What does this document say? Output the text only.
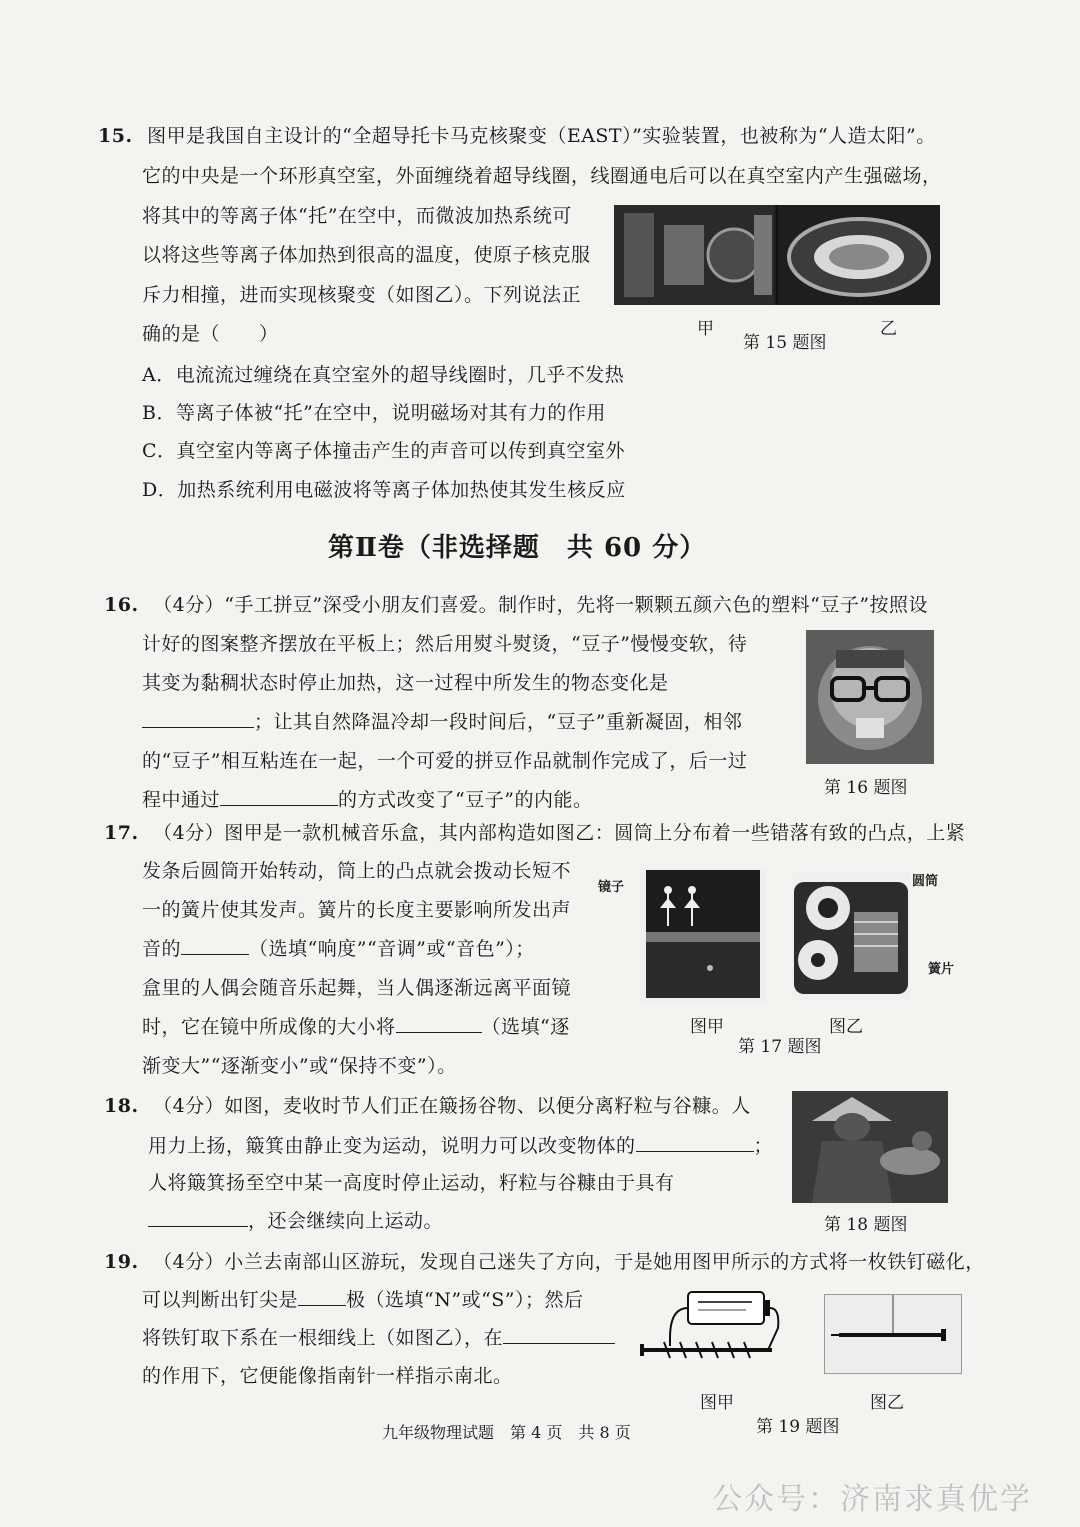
15. 图甲是我国自主设计的“全超导托卡马克核聚变（EAST）”实验装置，也被称为“人造太阳”。
它的中央是一个环形真空室，外面缠绕着超导线圈，线圈通电后可以在真空室内产生强磁场，
将其中的等离子体“托”在空中，而微波加热系统可
以将这些等离子体加热到很高的温度，使原子核克服
斥力相撞，进而实现核聚变（如图乙）。下列说法正
确的是（　　）	甲
第 15 题图
乙
A．电流流过缠绕在真空室外的超导线圈时，几乎不发热
B．等离子体被“托”在空中，说明磁场对其有力的作用
C．真空室内等离子体撞击产生的声音可以传到真空室外
D．加热系统利用电磁波将等离子体加热使其发生核反应
第Ⅱ卷（非选择题　共 60 分）
16. （4分）“手工拼豆”深受小朋友们喜爱。制作时，先将一颗颗五颜六色的塑料“豆子”按照设
计好的图案整齐摆放在平板上；然后用熨斗熨烫，“豆子”慢慢变软，待
其变为黏稠状态时停止加热，这一过程中所发生的物态变化是
；让其自然降温冷却一段时间后，“豆子”重新凝固，相邻
的“豆子”相互粘连在一起，一个可爱的拼豆作品就制作完成了，后一过
程中通过	的方式改变了“豆子”的内能。
第 16 题图
17. （4分）图甲是一款机械音乐盒，其内部构造如图乙：圆筒上分布着一些错落有致的凸点，上紧
发条后圆筒开始转动，筒上的凸点就会拨动长短不
一的簧片使其发声。簧片的长度主要影响所发出声
音的	（选填“响度”“音调”或“音色”）；
盒里的人偶会随音乐起舞，当人偶逐渐远离平面镜
时，它在镜中所成像的大小将	（选填“逐
渐变大”“逐渐变小”或“保持不变”）。
镜子	圆筒
簧片
图甲	图乙
第 17 题图
18. （4分）如图，麦收时节人们正在簸扬谷物、以便分离籽粒与谷糠。人
用力上扬，簸箕由静止变为运动，说明力可以改变物体的	；
人将簸箕扬至空中某一高度时停止运动，籽粒与谷糠由于具有
，还会继续向上运动。	第 18 题图
19. （4分）小兰去南部山区游玩，发现自己迷失了方向，于是她用图甲所示的方式将一枚铁钉磁化，
可以判断出钉尖是	极（选填“N”或“S”）；然后
将铁钉取下系在一根细线上（如图乙），在
的作用下，它便能像指南针一样指示南北。
图甲	图乙
第 19 题图
九年级物理试题　第 4 页　共 8 页
公众号：济南求真优学
